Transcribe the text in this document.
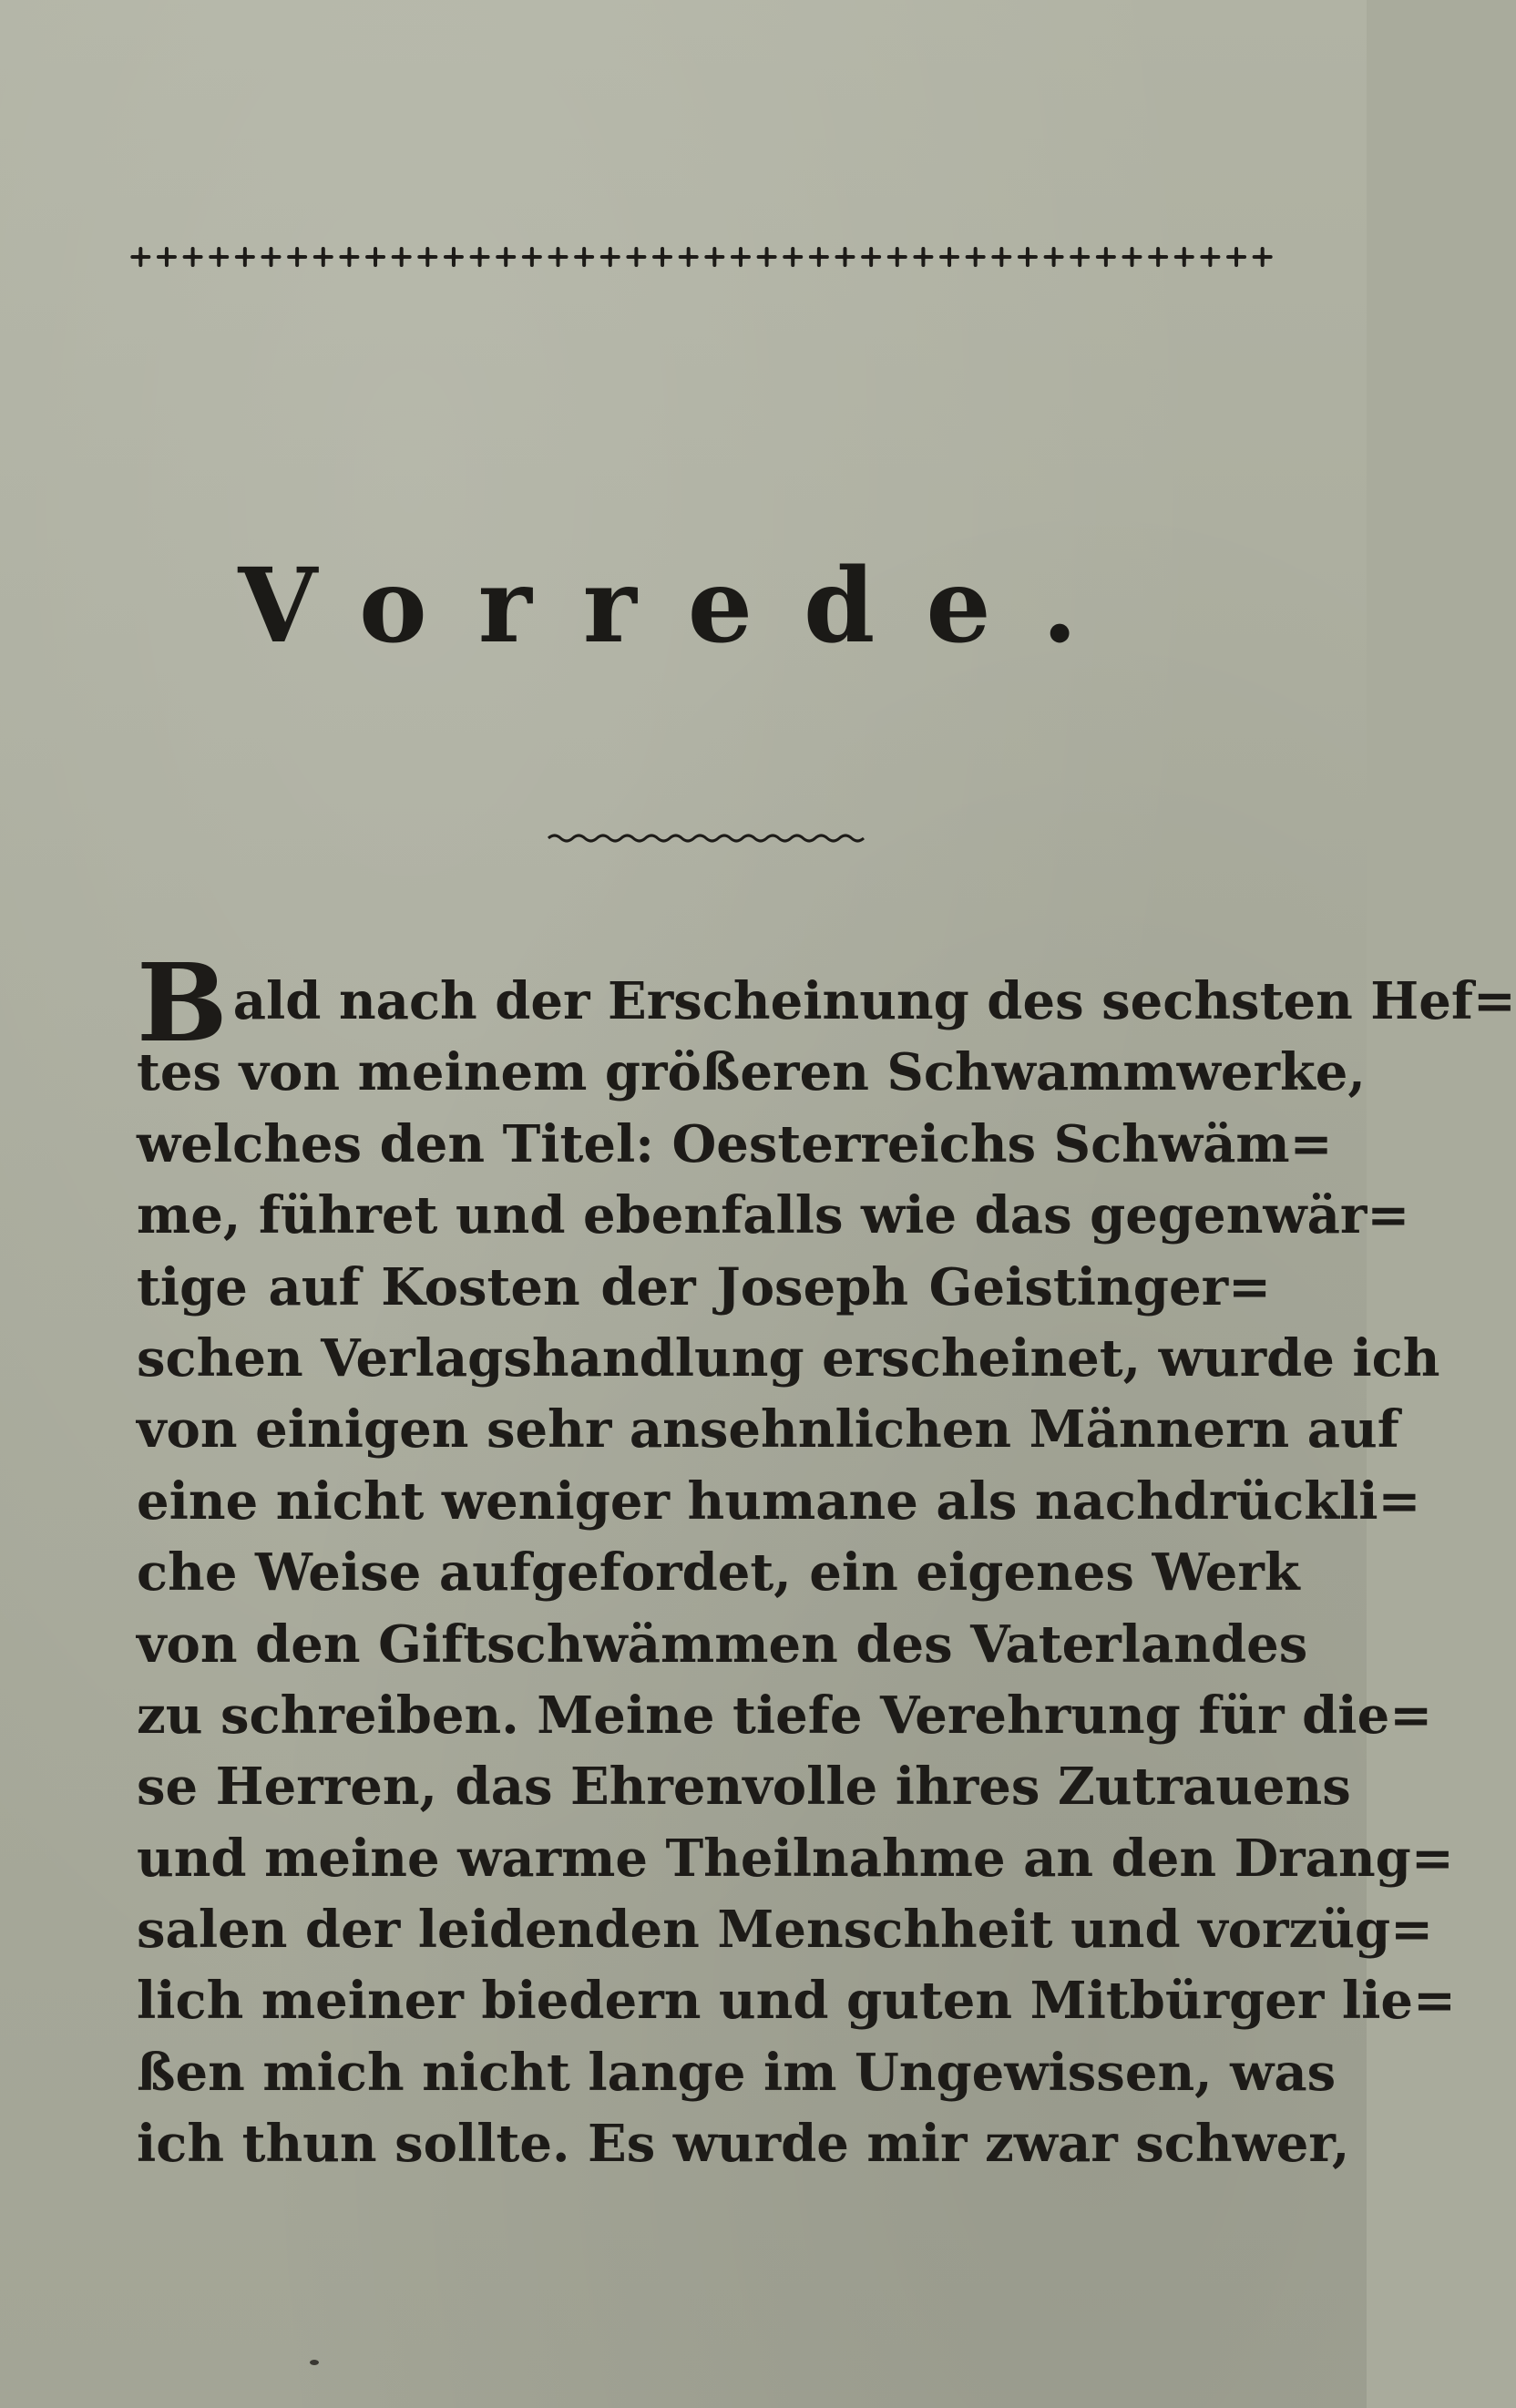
Vorrede.
Bald nach der Erscheinung des sechsten Hef=
tes von meinem größeren Schwammwerke,
welches den Titel: Oesterreichs Schwäm=
me, führet und ebenfalls wie das gegenwär=
tige auf Kosten der Joseph Geistinger=
schen Verlagshandlung erscheinet, wurde ich
von einigen sehr ansehnlichen Männern auf
eine nicht weniger humane als nachdrückli=
che Weise aufgefordet, ein eigenes Werk
von den Giftschwämmen des Vaterlandes
zu schreiben. Meine tiefe Verehrung für die=
se Herren, das Ehrenvolle ihres Zutrauens
und meine warme Theilnahme an den Drang=
salen der leidenden Menschheit und vorzüg=
lich meiner biedern und guten Mitbürger lie=
ßen mich nicht lange im Ungewissen, was
ich thun sollte. Es wurde mir zwar schwer,
